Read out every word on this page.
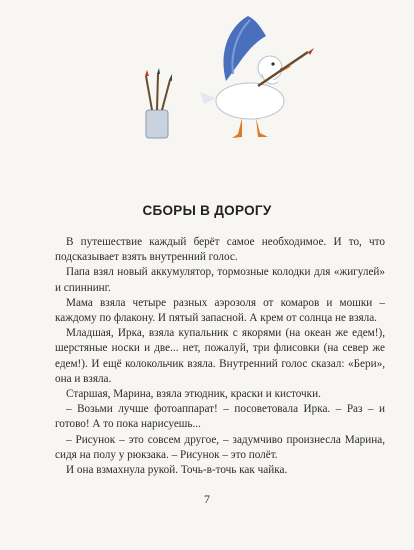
СБОРЫ В ДОРОГУ

В путешествие каждый берёт самое необходимое. И то, что подсказывает взять внутренний голос.

Папа взял новый аккумулятор, тормозные колодки для «жигулей» и спиннинг.

Мама взяла четыре разных аэрозоля от комаров и мошки – каждому по флакону. И пятый запасной. А крем от солнца не взяла.

Младшая, Ирка, взяла купальник с якорями (на океан же едем!), шерстяные носки и две... нет, пожалуй, три флисовки (на север же едем!). И ещё колокольчик взяла. Внутренний голос сказал: «Бери», она и взяла.

Старшая, Марина, взяла этюдник, краски и кисточки.

– Возьми лучше фотоаппарат! – посоветовала Ирка. – Раз – и готово! А то пока нарисуешь...

– Рисунок – это совсем другое, – задумчиво произнесла Марина, сидя на полу у рюкзака. – Рисунок – это полёт.

И она взмахнула рукой. Точь-в-точь как чайка.

7
